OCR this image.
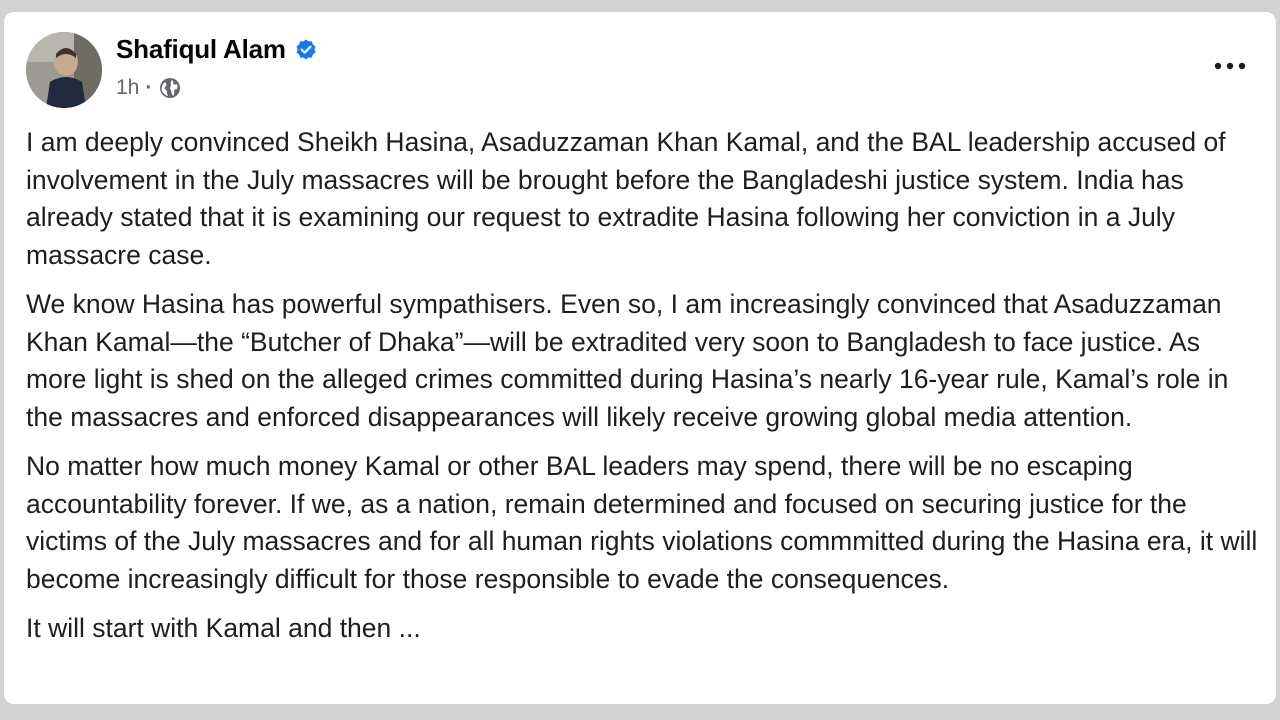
Shafiqul Alam
1h ·

I am deeply convinced Sheikh Hasina, Asaduzzaman Khan Kamal, and the BAL leadership accused of involvement in the July massacres will be brought before the Bangladeshi justice system. India has already stated that it is examining our request to extradite Hasina following her conviction in a July massacre case.

We know Hasina has powerful sympathisers. Even so, I am increasingly convinced that Asaduzzaman Khan Kamal—the “Butcher of Dhaka”—will be extradited very soon to Bangladesh to face justice. As more light is shed on the alleged crimes committed during Hasina’s nearly 16-year rule, Kamal’s role in the massacres and enforced disappearances will likely receive growing global media attention.

No matter how much money Kamal or other BAL leaders may spend, there will be no escaping accountability forever. If we, as a nation, remain determined and focused on securing justice for the victims of the July massacres and for all human rights violations commmitted during the Hasina era, it will become increasingly difficult for those responsible to evade the consequences.

It will start with Kamal and then ...
